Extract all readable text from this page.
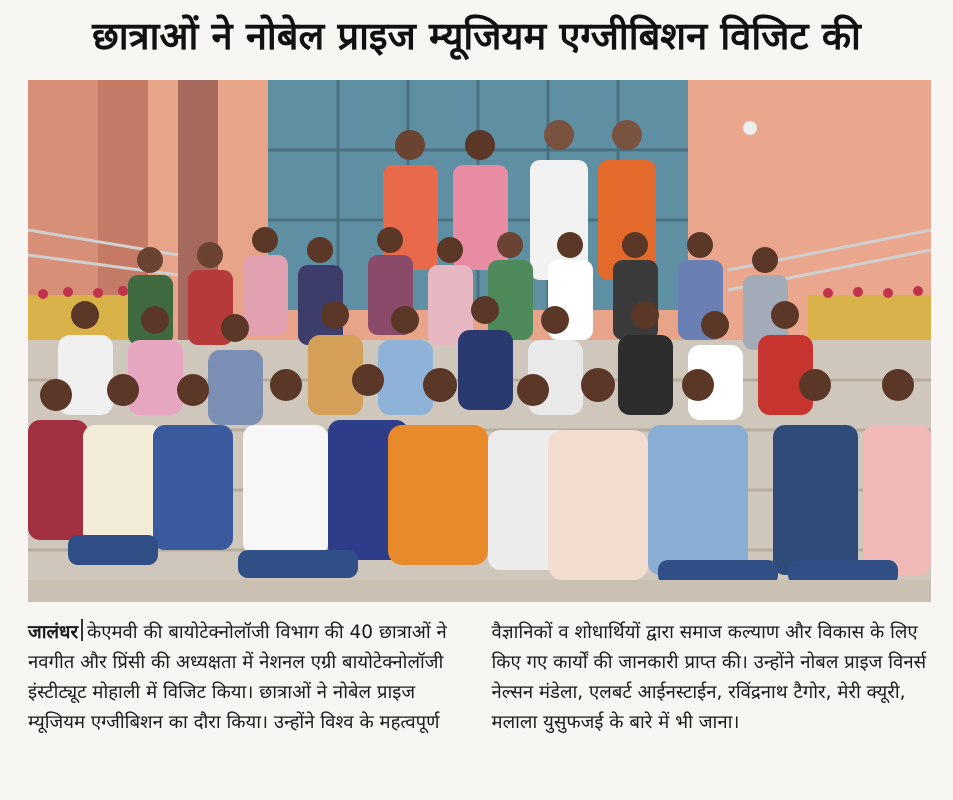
छात्राओं ने नोबेल प्राइज म्यूजियम एग्जीबिशन विजिट की

जालंधर केएमवी की बायोटेक्नोलॉजी विभाग की 40 छात्राओं ने नवगीत और प्रिंसी की अध्यक्षता में नेशनल एग्री बायोटेक्नोलॉजी इंस्टीट्यूट मोहाली में विजिट किया। छात्राओं ने नोबेल प्राइज म्यूजियम एग्जीबिशन का दौरा किया। उन्होंने विश्व के महत्वपूर्ण

वैज्ञानिकों व शोधार्थियों द्वारा समाज कल्याण और विकास के लिए किए गए कार्यों की जानकारी प्राप्त की। उन्होंने नोबल प्राइज विनर्स नेल्सन मंडेला, एलबर्ट आईनस्टाईन, रविंद्रनाथ टैगोर, मेरी क्यूरी, मलाला युसुफजई के बारे में भी जाना।
